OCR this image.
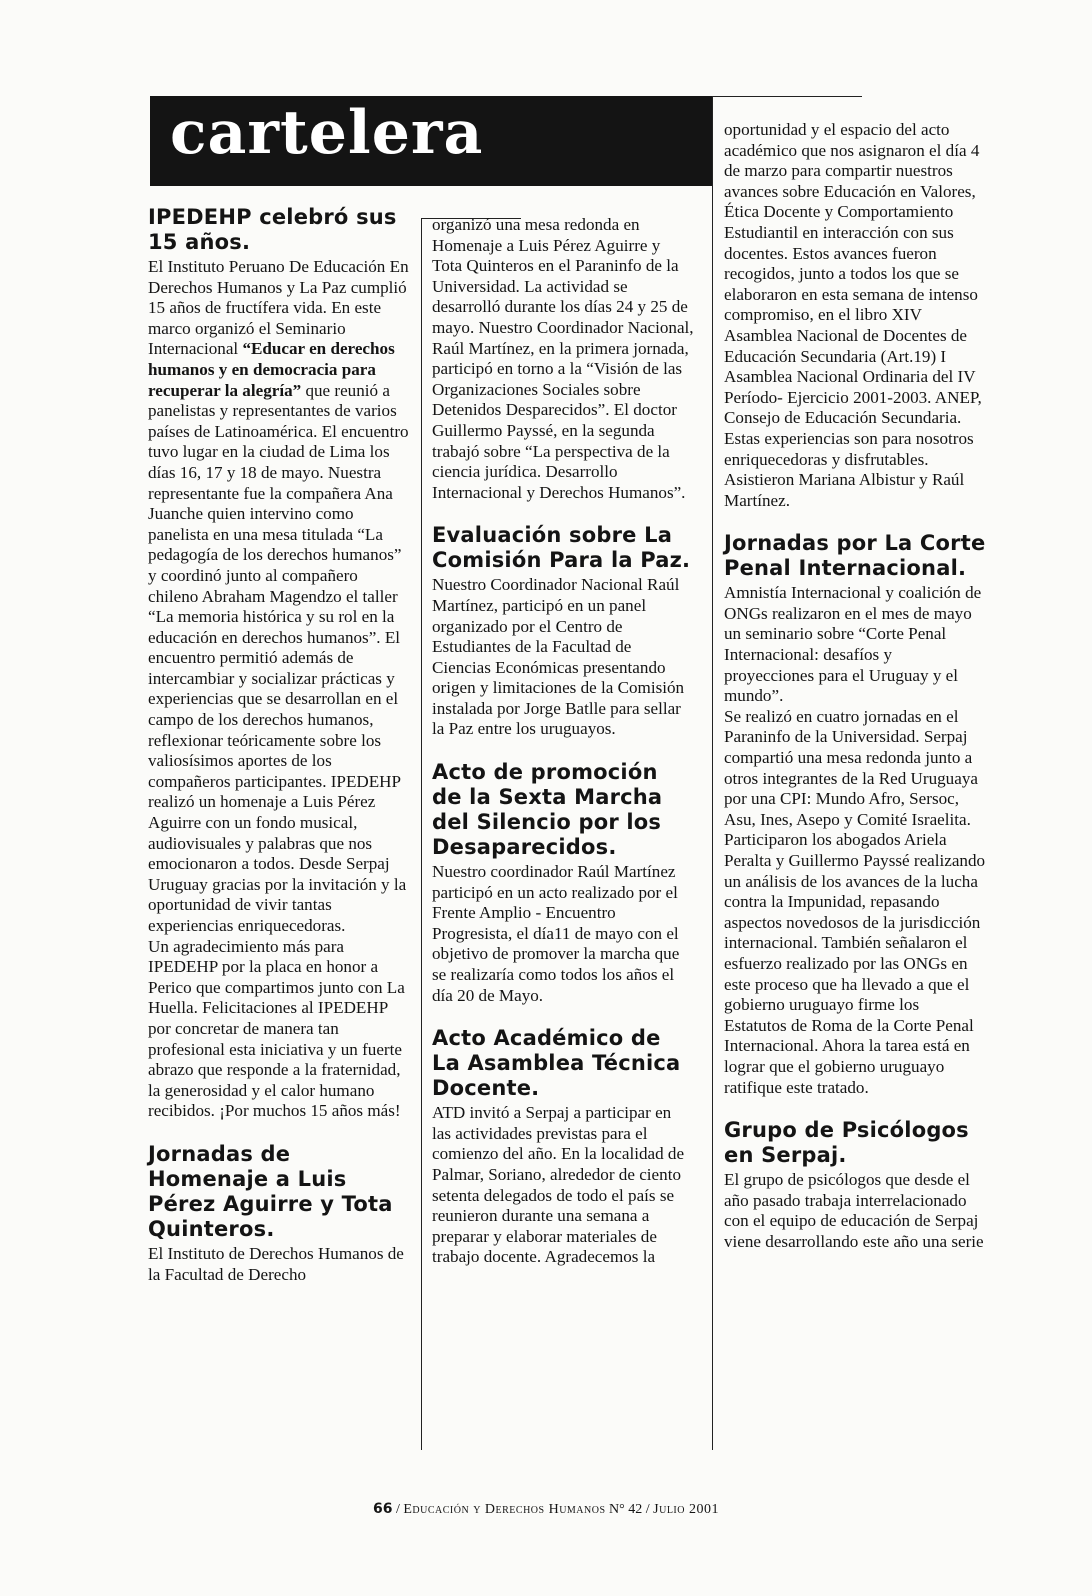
cartelera
IPEDEHP celebró sus 15 años.

El Instituto Peruano De Educación En Derechos Humanos y La Paz cumplió 15 años de fructífera vida. En este marco organizó el Seminario Internacional “Educar en derechos humanos y en democracia para recuperar la alegría” que reunió a panelistas y representantes de varios países de Latinoamérica. El encuentro tuvo lugar en la ciudad de Lima los días 16, 17 y 18 de mayo. Nuestra representante fue la compañera Ana Juanche quien intervino como panelista en una mesa titulada “La pedagogía de los derechos humanos” y coordinó junto al compañero chileno Abraham Magendzo el taller “La memoria histórica y su rol en la educación en derechos humanos”. El encuentro permitió además de intercambiar y socializar prácticas y experiencias que se desarrollan en el campo de los derechos humanos, reflexionar teóricamente sobre los valiosísimos aportes de los compañeros participantes. IPEDEHP realizó un homenaje a Luis Pérez Aguirre con un fondo musical, audiovisuales y palabras que nos emocionaron a todos. Desde Serpaj Uruguay gracias por la invitación y la oportunidad de vivir tantas experiencias enriquecedoras.

Un agradecimiento más para IPEDEHP por la placa en honor a Perico que compartimos junto con La Huella. Felicitaciones al IPEDEHP por concretar de manera tan profesional esta iniciativa y un fuerte abrazo que responde a la fraternidad, la generosidad y el calor humano recibidos. ¡Por muchos 15 años más!

Jornadas de Homenaje a Luis Pérez Aguirre y Tota Quinteros.

El Instituto de Derechos Humanos de la Facultad de Derecho

organizó una mesa redonda en Homenaje a Luis Pérez Aguirre y Tota Quinteros en el Paraninfo de la Universidad. La actividad se desarrolló durante los días 24 y 25 de mayo. Nuestro Coordinador Nacional, Raúl Martínez, en la primera jornada, participó en torno a la “Visión de las Organizaciones Sociales sobre Detenidos Desparecidos”. El doctor Guillermo Payssé, en la segunda trabajó sobre “La perspectiva de la ciencia jurídica. Desarrollo Internacional y Derechos Humanos”.

Evaluación sobre La Comisión Para la Paz.

Nuestro Coordinador Nacional Raúl Martínez, participó en un panel organizado por el Centro de Estudiantes de la Facultad de Ciencias Económicas presentando origen y limitaciones de la Comisión instalada por Jorge Batlle para sellar la Paz entre los uruguayos.

Acto de promoción de la Sexta Marcha del Silencio por los Desaparecidos.

Nuestro coordinador Raúl Martínez participó en un acto realizado por el Frente Amplio - Encuentro Progresista, el día11 de mayo con el objetivo de promover la marcha que se realizaría como todos los años el día 20 de Mayo.

Acto Académico de La Asamblea Técnica Docente.

ATD invitó a Serpaj a participar en las actividades previstas para el comienzo del año. En la localidad de Palmar, Soriano, alrededor de ciento setenta delegados de todo el país se reunieron durante una semana a preparar y elaborar materiales de trabajo docente. Agradecemos la

oportunidad y el espacio del acto académico que nos asignaron el día 4 de marzo para compartir nuestros avances sobre Educación en Valores, Ética Docente y Comportamiento Estudiantil en interacción con sus docentes. Estos avances fueron recogidos, junto a todos los que se elaboraron en esta semana de intenso compromiso, en el libro XIV Asamblea Nacional de Docentes de Educación Secundaria (Art.19) I Asamblea Nacional Ordinaria del IV Período- Ejercicio 2001-2003. ANEP, Consejo de Educación Secundaria.

Estas experiencias son para nosotros enriquecedoras y disfrutables. Asistieron Mariana Albistur y Raúl Martínez.

Jornadas por La Corte Penal Internacional.

Amnistía Internacional y coalición de ONGs realizaron en el mes de mayo un seminario sobre “Corte Penal Internacional: desafíos y proyecciones para el Uruguay y el mundo”.

Se realizó en cuatro jornadas en el Paraninfo de la Universidad. Serpaj compartió una mesa redonda junto a otros integrantes de la Red Uruguaya por una CPI: Mundo Afro, Sersoc, Asu, Ines, Asepo y Comité Israelita. Participaron los abogados Ariela Peralta y Guillermo Payssé realizando un análisis de los avances de la lucha contra la Impunidad, repasando aspectos novedosos de la jurisdicción internacional. También señalaron el esfuerzo realizado por las ONGs en este proceso que ha llevado a que el gobierno uruguayo firme los Estatutos de Roma de la Corte Penal Internacional. Ahora la tarea está en lograr que el gobierno uruguayo ratifique este tratado.

Grupo de Psicólogos en Serpaj.

El grupo de psicólogos que desde el año pasado trabaja interrelacionado con el equipo de educación de Serpaj viene desarrollando este año una serie

66 / Educación y Derechos Humanos N° 42 / Julio 2001
